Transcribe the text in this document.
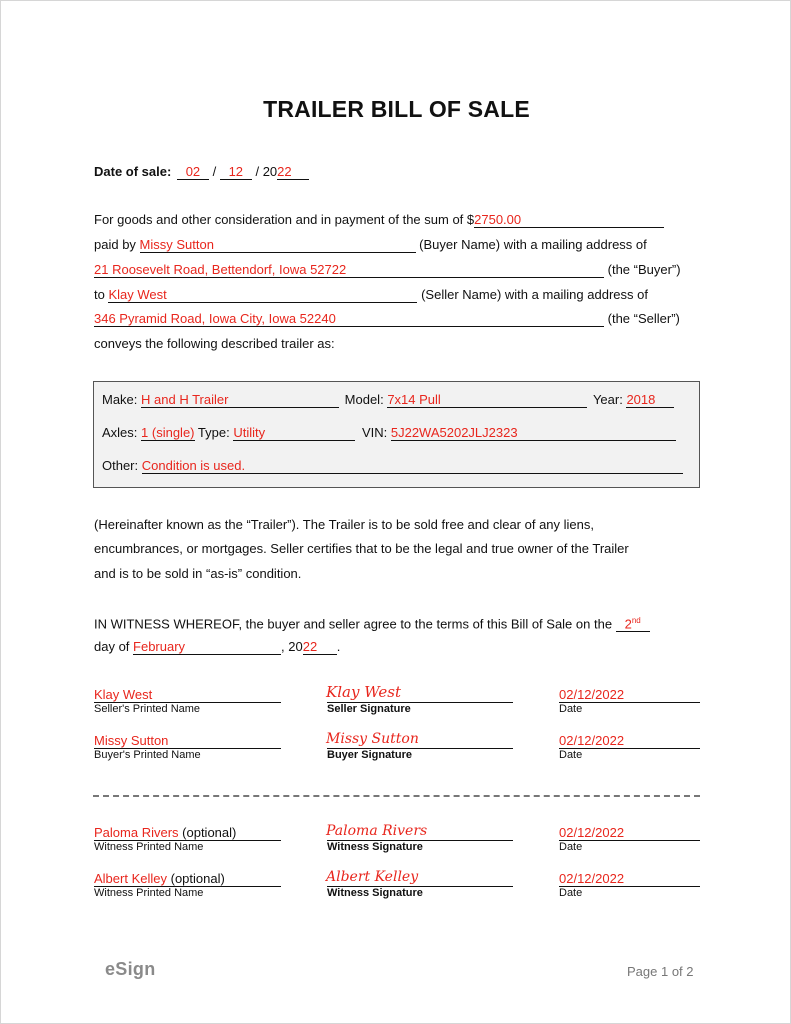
TRAILER BILL OF SALE
Date of sale: 02 / 12 / 2022
For goods and other consideration and in payment of the sum of $2750.00
paid by Missy Sutton	(Buyer Name) with a mailing address of
21 Roosevelt Road, Bettendorf, Iowa 52722	(the “Buyer”)
to Klay West	(Seller Name) with a mailing address of
346 Pyramid Road, Iowa City, Iowa 52240	(the “Seller”)
conveys the following described trailer as:
Make: H and H Trailer	Model: 7x14 Pull	Year: 2018
Axles: 1 (single) Type: Utility	VIN: 5J22WA5202JLJ2323
Other: Condition is used.
(Hereinafter known as the “Trailer”). The Trailer is to be sold free and clear of any liens,
encumbrances, or mortgages. Seller certifies that to be the legal and true owner of the Trailer
and is to be sold in “as-is” condition.
IN WITNESS WHEREOF, the buyer and seller agree to the terms of this Bill of Sale on the 2nd
day of February	, 2022 .
Klay West
Seller's Printed Name
Klay West
Seller Signature
02/12/2022
Date
Missy Sutton
Buyer's Printed Name
Missy Sutton
Buyer Signature
02/12/2022
Date
Paloma Rivers (optional)
Witness Printed Name
Paloma Rivers
Witness Signature
02/12/2022
Date
Albert Kelley (optional)
Witness Printed Name
Albert Kelley
Witness Signature
02/12/2022
Date
eSign	Page 1 of 2
